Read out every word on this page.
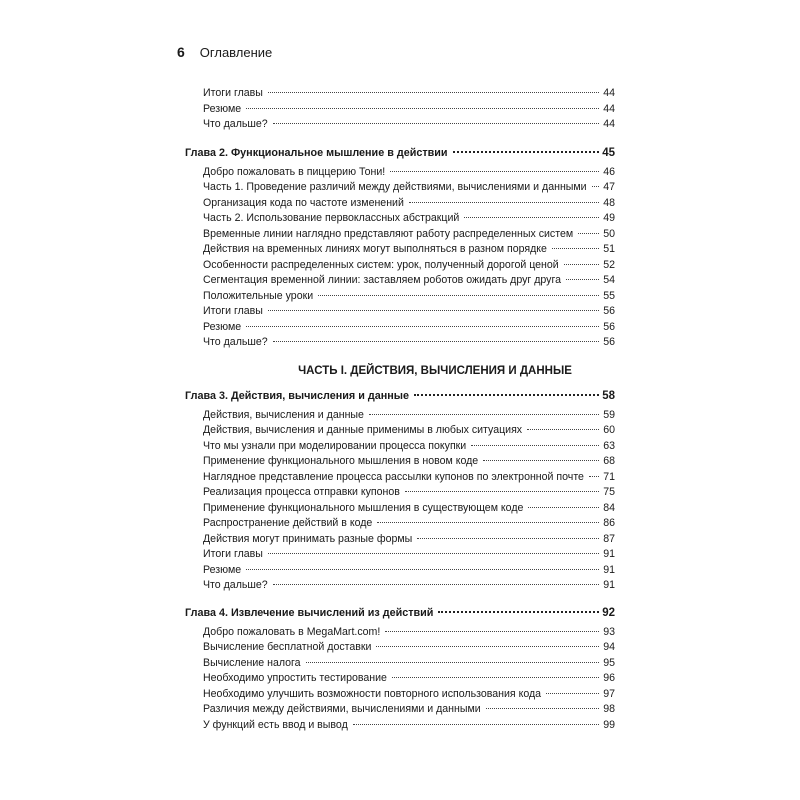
6 Оглавление
Итоги главы	44
Резюме	44
Что дальше?	44
Глава 2. Функциональное мышление в действии	45
Добро пожаловать в пиццерию Тони!	46
Часть 1. Проведение различий между действиями, вычислениями и данными 47
Организация кода по частоте изменений	48
Часть 2. Использование первоклассных абстракций	49
Временные линии наглядно представляют работу распределенных систем	50
Действия на временных линиях могут выполняться в разном порядке	51
Особенности распределенных систем: урок, полученный дорогой ценой	52
Сегментация временной линии: заставляем роботов ожидать друг друга	54
Положительные уроки	55
Итоги главы	56
Резюме	56
Что дальше?	56
ЧАСТЬ I. ДЕЙСТВИЯ, ВЫЧИСЛЕНИЯ И ДАННЫЕ
Глава 3. Действия, вычисления и данные	58
Действия, вычисления и данные	59
Действия, вычисления и данные применимы в любых ситуациях	60
Что мы узнали при моделировании процесса покупки	63
Применение функционального мышления в новом коде	68
Наглядное представление процесса рассылки купонов по электронной почте 71
Реализация процесса отправки купонов	75
Применение функционального мышления в существующем коде	84
Распространение действий в коде	86
Действия могут принимать разные формы	87
Итоги главы	91
Резюме	91
Что дальше?	91
Глава 4. Извлечение вычислений из действий	92
Добро пожаловать в MegaMart.com!	93
Вычисление бесплатной доставки	94
Вычисление налога	95
Необходимо упростить тестирование	96
Необходимо улучшить возможности повторного использования кода	97
Различия между действиями, вычислениями и данными	98
У функций есть ввод и вывод	99
